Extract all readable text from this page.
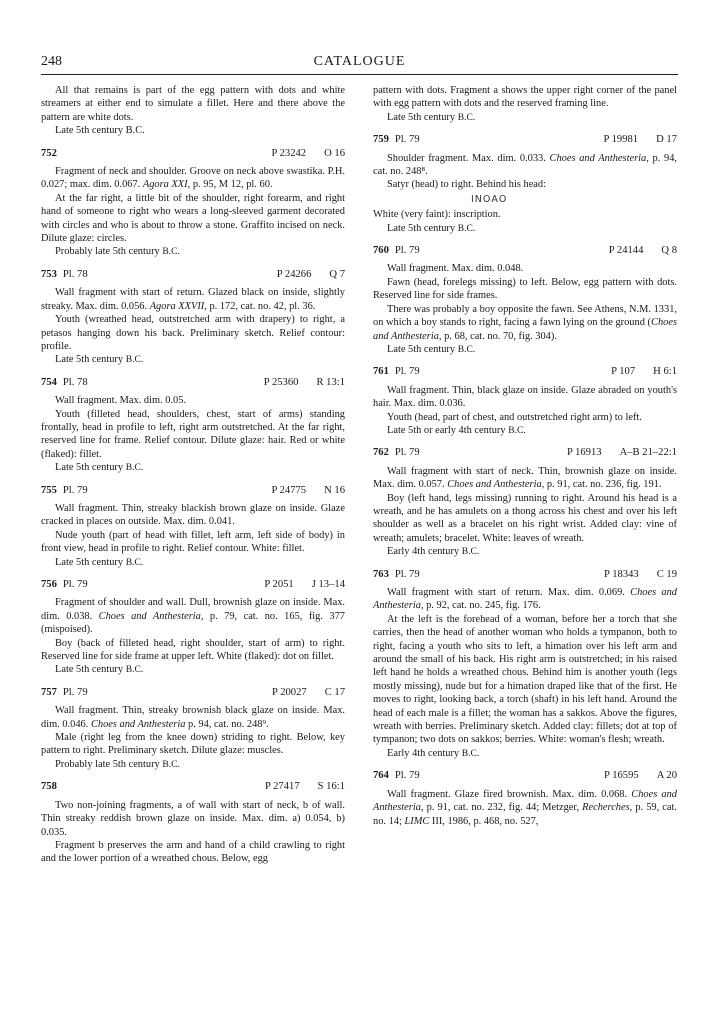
248	CATALOGUE

All that remains is part of the egg pattern with dots and white streamers at either end to simulate a fillet. Here and there above the pattern are white dots.

Late 5th century B.C.

752	P 23242 O 16

Fragment of neck and shoulder. Groove on neck above swastika. P.H. 0.027; max. dim. 0.067. Agora XXI, p. 95, M 12, pl. 60.

At the far right, a little bit of the shoulder, right forearm, and right hand of someone to right who wears a long-sleeved garment decorated with circles and who is about to throw a stone. Graffito incised on neck. Dilute glaze: circles.

Probably late 5th century B.C.

753 Pl. 78	P 24266 Q 7

Wall fragment with start of return. Glazed black on inside, slightly streaky. Max. dim. 0.056. Agora XXVII, p. 172, cat. no. 42, pl. 36.

Youth (wreathed head, outstretched arm with drapery) to right, a petasos hanging down his back. Preliminary sketch. Relief contour: profile.

Late 5th century B.C.

754 Pl. 78	P 25360 R 13:1

Wall fragment. Max. dim. 0.05.

Youth (filleted head, shoulders, chest, start of arms) standing frontally, head in profile to left, right arm outstretched. At the far right, reserved line for frame. Relief contour. Dilute glaze: hair. Red or white (flaked): fillet.

Late 5th century B.C.

755 Pl. 79	P 24775 N 16

Wall fragment. Thin, streaky blackish brown glaze on inside. Glaze cracked in places on outside. Max. dim. 0.041.

Nude youth (part of head with fillet, left arm, left side of body) in front view, head in profile to right. Relief contour. White: fillet.

Late 5th century B.C.

756 Pl. 79	P 2051 J 13–14

Fragment of shoulder and wall. Dull, brownish glaze on inside. Max. dim. 0.038. Choes and Anthesteria, p. 79, cat. no. 165, fig. 377 (mispoised).

Boy (back of filleted head, right shoulder, start of arm) to right. Reserved line for side frame at upper left. White (flaked): dot on fillet.

Late 5th century B.C.

757 Pl. 79	P 20027 C 17

Wall fragment. Thin, streaky brownish black glaze on inside. Max. dim. 0.046. Choes and Anthesteria p. 94, cat. no. 248⁹.

Male (right leg from the knee down) striding to right. Below, key pattern to right. Preliminary sketch. Dilute glaze: muscles.

Probably late 5th century B.C.

758	P 27417 S 16:1

Two non-joining fragments, a of wall with start of neck, b of wall. Thin streaky reddish brown glaze on inside. Max. dim. a) 0.054, b) 0.035.

Fragment b preserves the arm and hand of a child crawling to right and the lower portion of a wreathed chous. Below, egg

pattern with dots. Fragment a shows the upper right corner of the panel with egg pattern with dots and the reserved framing line.

Late 5th century B.C.

759 Pl. 79	P 19981 D 17

Shoulder fragment. Max. dim. 0.033. Choes and Anthesteria, p. 94, cat. no. 248⁸.

Satyr (head) to right. Behind his head:

ꓲNOΑΟ

White (very faint): inscription.

Late 5th century B.C.

760 Pl. 79	P 24144 Q 8

Wall fragment. Max. dim. 0.048.

Fawn (head, forelegs missing) to left. Below, egg pattern with dots. Reserved line for side frames.

There was probably a boy opposite the fawn. See Athens, N.M. 1331, on which a boy stands to right, facing a fawn lying on the ground (Choes and Anthesteria, p. 68, cat. no. 70, fig. 304).

Late 5th century B.C.

761 Pl. 79	P 107 H 6:1

Wall fragment. Thin, black glaze on inside. Glaze abraded on youth's hair. Max. dim. 0.036.

Youth (head, part of chest, and outstretched right arm) to left.

Late 5th or early 4th century B.C.

762 Pl. 79	P 16913 A–B 21–22:1

Wall fragment with start of neck. Thin, brownish glaze on inside. Max. dim. 0.057. Choes and Anthesteria, p. 91, cat. no. 236, fig. 191.

Boy (left hand, legs missing) running to right. Around his head is a wreath, and he has amulets on a thong across his chest and over his left shoulder as well as a bracelet on his right wrist. Added clay: vine of wreath; amulets; bracelet. White: leaves of wreath.

Early 4th century B.C.

763 Pl. 79	P 18343 C 19

Wall fragment with start of return. Max. dim. 0.069. Choes and Anthesteria, p. 92, cat. no. 245, fig. 176.

At the left is the forehead of a woman, before her a torch that she carries, then the head of another woman who holds a tympanon, both to right, facing a youth who sits to left, a himation over his left arm and around the small of his back. His right arm is outstretched; in his raised left hand he holds a wreathed chous. Behind him is another youth (legs mostly missing), nude but for a himation draped like that of the first. He moves to right, looking back, a torch (shaft) in his left hand. Around the head of each male is a fillet; the woman has a sakkos. Above the figures, wreath with berries. Preliminary sketch. Added clay: fillets; dot at top of tympanon; two dots on sakkos; berries. White: woman's flesh; wreath.

Early 4th century B.C.

764 Pl. 79	P 16595 A 20

Wall fragment. Glaze fired brownish. Max. dim. 0.068. Choes and Anthesteria, p. 91, cat. no. 232, fig. 44; Metzger, Recherches, p. 59, cat. no. 14; LIMC III, 1986, p. 468, no. 527,
